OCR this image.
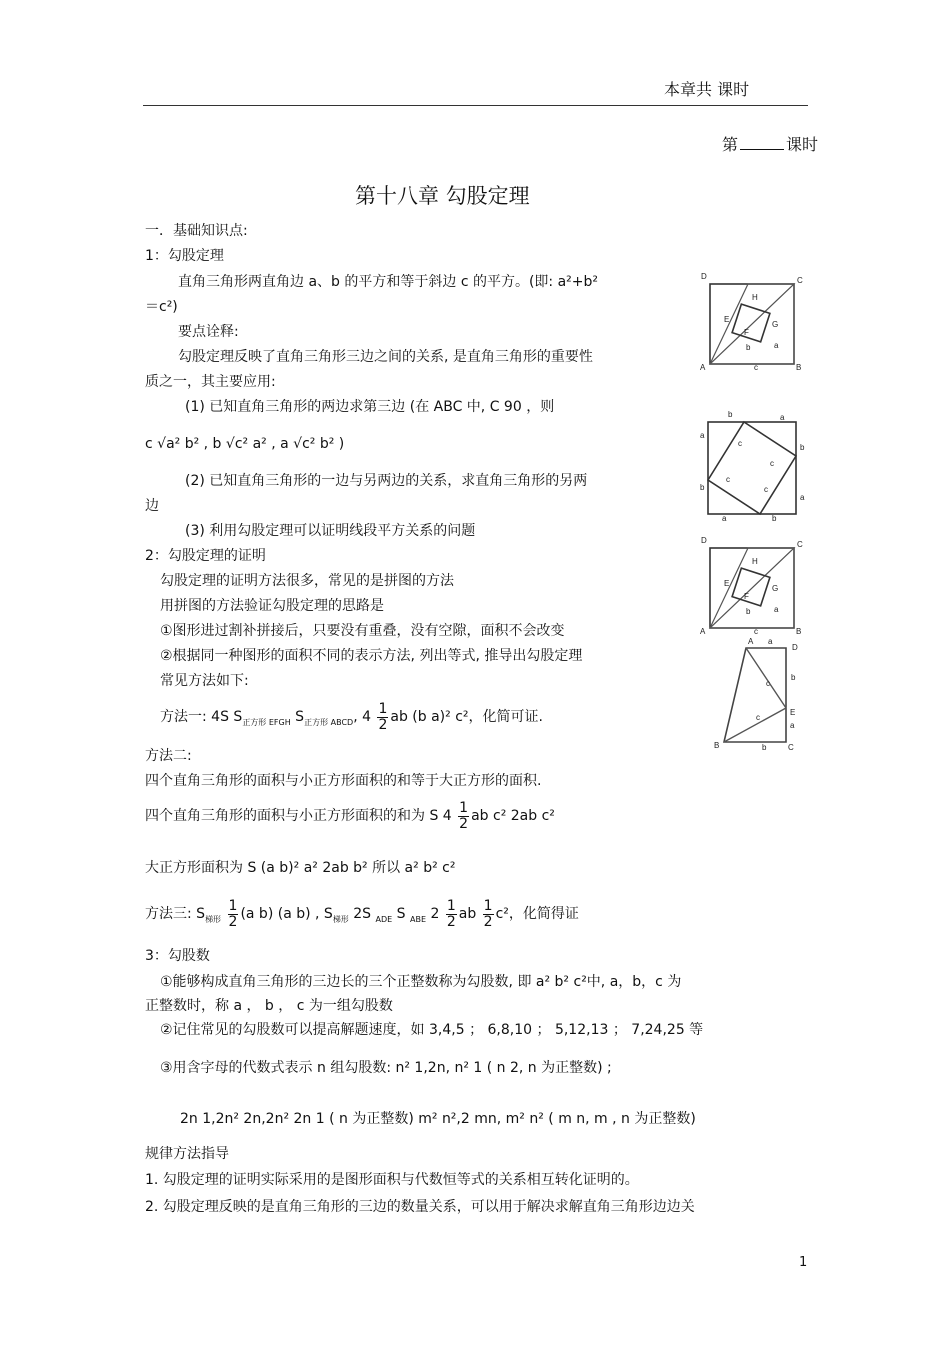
本章共 课时
第	课时
第十八章 勾股定理
一．基础知识点:
1：勾股定理
直角三角形两直角边 a、b 的平方和等于斜边 c 的平方。(即: a²+b²
＝c²)
要点诠释:
勾股定理反映了直角三角形三边之间的关系, 是直角三角形的重要性
质之一，其主要应用:
(1) 已知直角三角形的两边求第三边 (在 ABC 中, C 90 ，则
c √a² b² , b √c² a² , a √c² b² )
(2) 已知直角三角形的一边与另两边的关系，求直角三角形的另两
边
(3) 利用勾股定理可以证明线段平方关系的问题
2：勾股定理的证明
勾股定理的证明方法很多，常见的是拼图的方法
用拼图的方法验证勾股定理的思路是
①图形进过割补拼接后，只要没有重叠，没有空隙，面积不会改变
②根据同一种图形的面积不同的表示方法, 列出等式, 推导出勾股定理
常见方法如下:
方法一: 4S $S_{正方形 EFGH}$ $S_{正方形 ABCD}$, $4 \frac{1}{2}$ ab (b a)² c²，化简可证.
方法二:
四个直角三角形的面积与小正方形面积的和等于大正方形的面积.
四个直角三角形的面积与小正方形面积的和为 S $4 \frac{1}{2}$ ab c² 2ab c²
大正方形面积为 S (a b)² a² 2ab b² 所以 a² b² c²
方法三: $S_{梯形} \frac{1}{2} (a$ b) (a b) , $S_{梯形}$ 2S $_{ADE}$ S $_{ABE}$ $2 \frac{1}{2}$ ab $\frac{1}{2} c^2$，化简得证
3：勾股数
①能够构成直角三角形的三边长的三个正整数称为勾股数, 即 a² b² c²中, a，b，c 为
正整数时，称 a ， b ， c 为一组勾股数
②记住常见的勾股数可以提高解题速度，如 3,4,5 ； 6,8,10 ； 5,12,13 ； 7,24,25 等
③用含字母的代数式表示 n 组勾股数: n² 1,2n, n² 1 ( n 2, n 为正整数) ;
2n 1,2n² 2n,2n² 2n 1 ( n 为正整数) m² n²,2 mn, m² n² ( m n, m , n 为正整数)
规律方法指导
1. 勾股定理的证明实际采用的是图形面积与代数恒等式的关系相互转化证明的。
2. 勾股定理反映的是直角三角形的三边的数量关系，可以用于解决求解直角三角形边边关
1
D	C
H
E
G
F
b	a
A	c	B
b	a
a
c	b
c
b
c
c
a
a	b
D	C
H
E
G
F
b	a
A	c	B
A a
D
c
b
c
E
a
B	b	C
